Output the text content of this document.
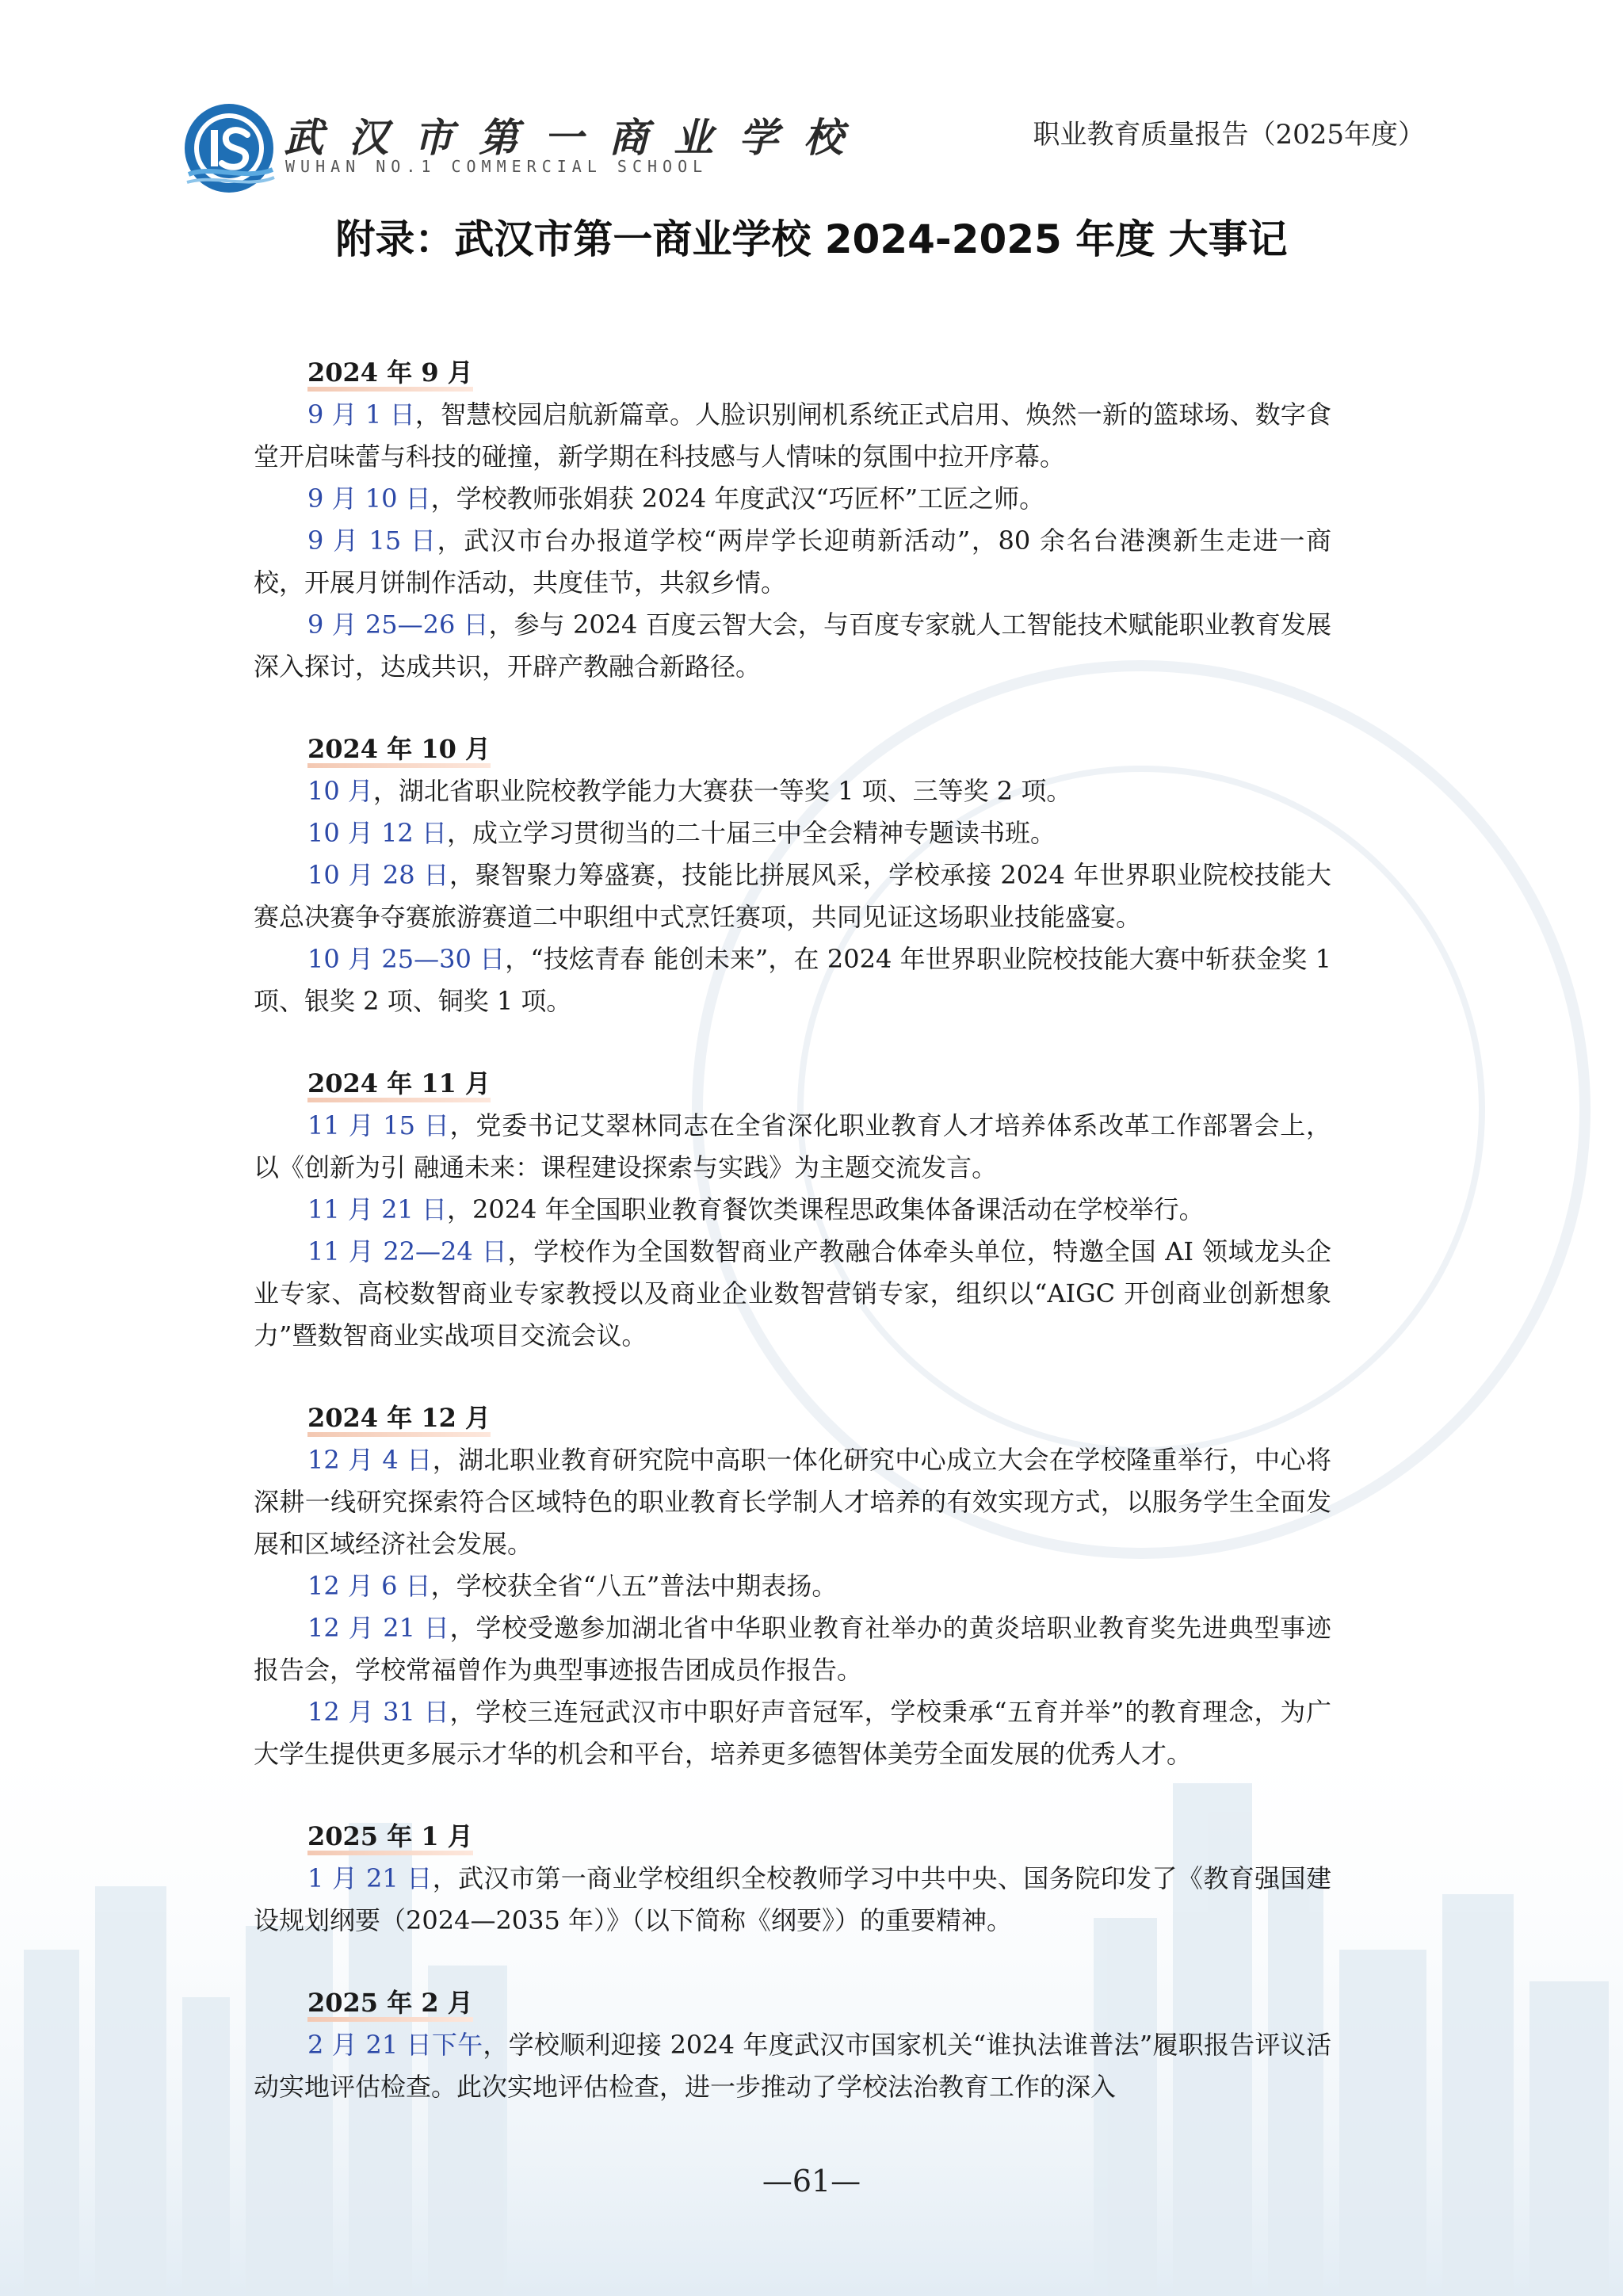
武汉市第一商业学校
WUHAN NO.1 COMMERCIAL SCHOOL
职业教育质量报告（2025年度）
附录：武汉市第一商业学校 2024-2025 年度 大事记
2024 年 9 月

9 月 1 日，智慧校园启航新篇章。人脸识别闸机系统正式启用、焕然一新的篮球场、数字食堂开启味蕾与科技的碰撞，新学期在科技感与人情味的氛围中拉开序幕。

9 月 10 日，学校教师张娟获 2024 年度武汉“巧匠杯”工匠之师。

9 月 15 日，武汉市台办报道学校“两岸学长迎萌新活动”，80 余名台港澳新生走进一商校，开展月饼制作活动，共度佳节，共叙乡情。

9 月 25—26 日，参与 2024 百度云智大会，与百度专家就人工智能技术赋能职业教育发展深入探讨，达成共识，开辟产教融合新路径。

2024 年 10 月

10 月，湖北省职业院校教学能力大赛获一等奖 1 项、三等奖 2 项。

10 月 12 日，成立学习贯彻当的二十届三中全会精神专题读书班。

10 月 28 日，聚智聚力筹盛赛，技能比拼展风采，学校承接 2024 年世界职业院校技能大赛总决赛争夺赛旅游赛道二中职组中式烹饪赛项，共同见证这场职业技能盛宴。

10 月 25—30 日，“技炫青春 能创未来”，在 2024 年世界职业院校技能大赛中斩获金奖 1 项、银奖 2 项、铜奖 1 项。

2024 年 11 月

11 月 15 日，党委书记艾翠林同志在全省深化职业教育人才培养体系改革工作部署会上，以《创新为引 融通未来：课程建设探索与实践》为主题交流发言。

11 月 21 日，2024 年全国职业教育餐饮类课程思政集体备课活动在学校举行。

11 月 22—24 日，学校作为全国数智商业产教融合体牵头单位，特邀全国 AI 领域龙头企业专家、高校数智商业专家教授以及商业企业数智营销专家，组织以“AIGC 开创商业创新想象力”暨数智商业实战项目交流会议。

2024 年 12 月

12 月 4 日，湖北职业教育研究院中高职一体化研究中心成立大会在学校隆重举行，中心将深耕一线研究探索符合区域特色的职业教育长学制人才培养的有效实现方式，以服务学生全面发展和区域经济社会发展。

12 月 6 日，学校获全省“八五”普法中期表扬。

12 月 21 日，学校受邀参加湖北省中华职业教育社举办的黄炎培职业教育奖先进典型事迹报告会，学校常福曾作为典型事迹报告团成员作报告。

12 月 31 日，学校三连冠武汉市中职好声音冠军，学校秉承“五育并举”的教育理念，为广大学生提供更多展示才华的机会和平台，培养更多德智体美劳全面发展的优秀人才。

2025 年 1 月

1 月 21 日，武汉市第一商业学校组织全校教师学习中共中央、国务院印发了《教育强国建设规划纲要（2024—2035 年）》（以下简称《纲要》）的重要精神。

2025 年 2 月

2 月 21 日下午，学校顺利迎接 2024 年度武汉市国家机关“谁执法谁普法”履职报告评议活动实地评估检查。此次实地评估检查，进一步推动了学校法治教育工作的深入

—61—
